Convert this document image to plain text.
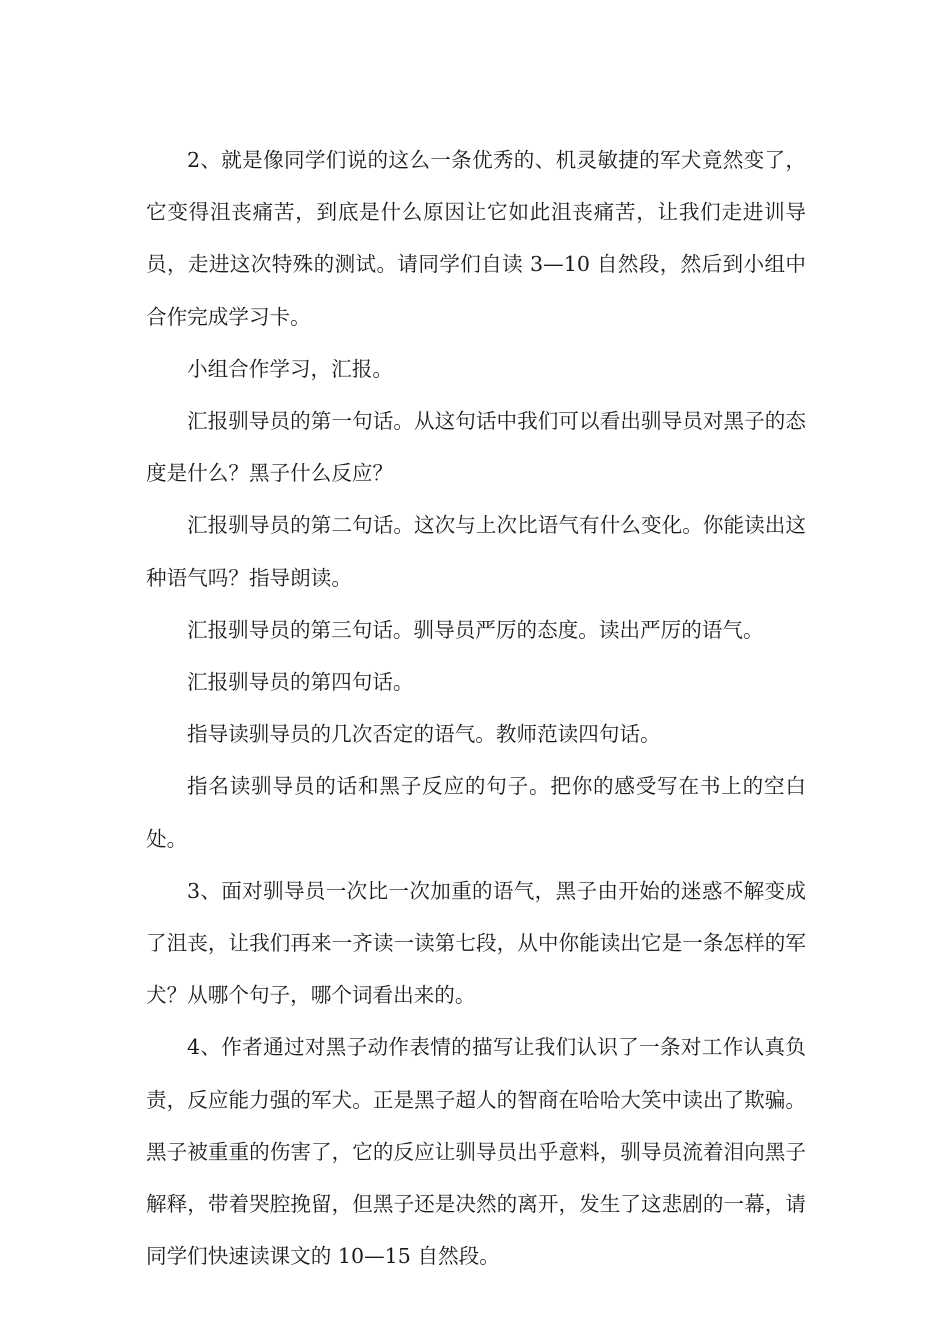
2、就是像同学们说的这么一条优秀的、机灵敏捷的军犬竟然变了，它变得沮丧痛苦，到底是什么原因让它如此沮丧痛苦，让我们走进训导员，走进这次特殊的测试。请同学们自读 3—10 自然段，然后到小组中合作完成学习卡。

小组合作学习，汇报。

汇报驯导员的第一句话。从这句话中我们可以看出驯导员对黑子的态度是什么？黑子什么反应？

汇报驯导员的第二句话。这次与上次比语气有什么变化。你能读出这种语气吗？指导朗读。

汇报驯导员的第三句话。驯导员严厉的态度。读出严厉的语气。

汇报驯导员的第四句话。

指导读驯导员的几次否定的语气。教师范读四句话。

指名读驯导员的话和黑子反应的句子。把你的感受写在书上的空白处。

3、面对驯导员一次比一次加重的语气，黑子由开始的迷惑不解变成了沮丧，让我们再来一齐读一读第七段，从中你能读出它是一条怎样的军犬？从哪个句子，哪个词看出来的。

4、作者通过对黑子动作表情的描写让我们认识了一条对工作认真负责，反应能力强的军犬。正是黑子超人的智商在哈哈大笑中读出了欺骗。黑子被重重的伤害了，它的反应让驯导员出乎意料，驯导员流着泪向黑子解释，带着哭腔挽留，但黑子还是决然的离开，发生了这悲剧的一幕，请同学们快速读课文的 10—15 自然段。
